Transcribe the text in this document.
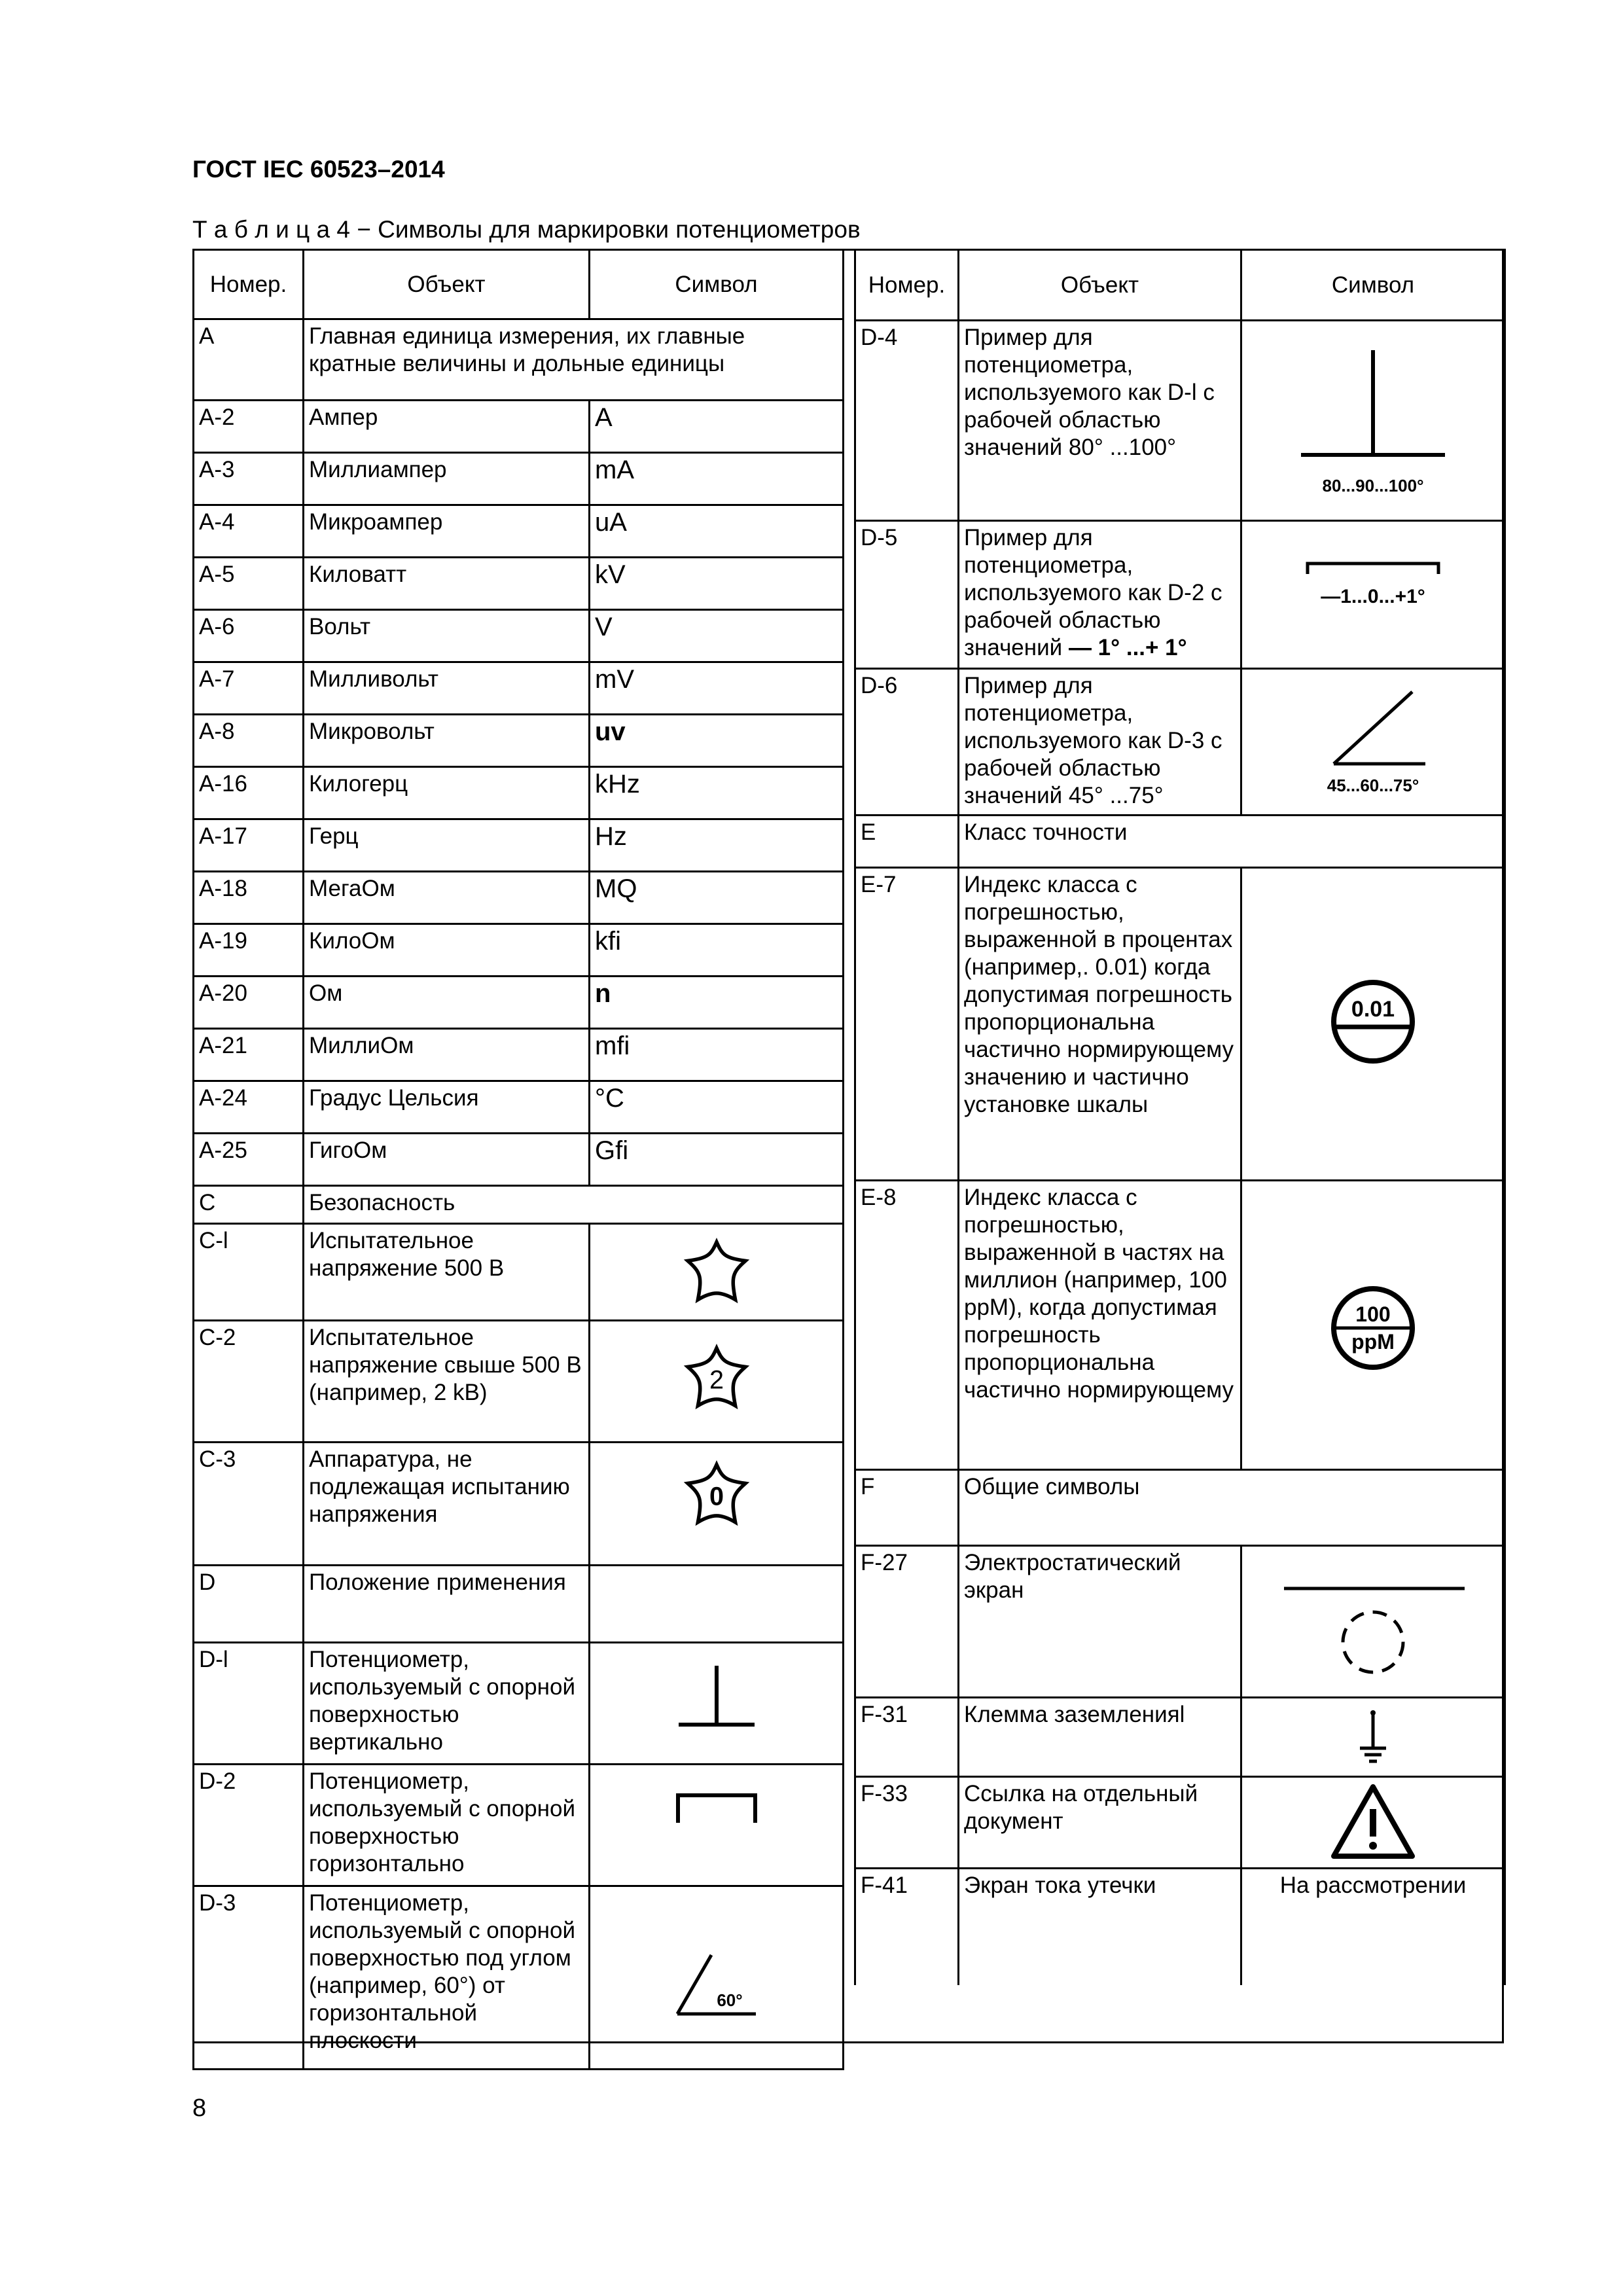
ГОСТ IEC 60523–2014
Т а б л и ц а 4 − Символы для маркировки потенциометров
Номер.	Объект	Символ
A	Главная единица измерения, их главные кратные величины и дольные единицы	
A-2	Ампер	A
A-3	Миллиампер	mA
A-4	Микроампер	uA
A-5	Киловатт	kV
A-6	Вольт	V
A-7	Милливольт	mV
A-8	Микровольт	uv
A-16	Килогерц	kHz
A-17	Герц	Hz
A-18	МегаОм	MQ
A-19	КилоОм	kfi
A-20	Ом	n
A-21	МиллиОм	mfi
A-24	Градус Цельсия	°C
A-25	ГигоОм	Gfi
C	Безопасность	
C-l	Испытательное напряжение 500 В	

C-2	Испытательное напряжение свыше 500 В (например, 2 kB)	2

C-3	Аппаратура, не подлежащая испытанию напряжения	0

D	Положение применения	
D-l	Потенциометр, используемый с опорной поверхностью вертикально	

D-2	Потенциометр, используемый с опорной поверхностью горизонтально	

D-3	Потенциометр, используемый с опорной поверхностью под углом (например, 60°) от горизонтальной плоскости	60°
Номер.	Объект	Символ
D-4	Пример для потенциометра, используемого как D-l с рабочей областью значений 80° ...100°	80...90...100°

D-5	Пример для потенциометра, используемого как D-2 с рабочей областью значений — 1° ...+ 1°	—1...0...+1°

D-6	Пример для потенциометра, используемого как D-3 с рабочей областью значений 45° ...75°	45...60...75°

E	Класс точности	
E-7	Индекс класса с погрешностью, выраженной в процентах (например,. 0.01) когда допустимая погрешность пропорциональна частично нормирующему значению и частично установке шкалы	0.01

E-8	Индекс класса с погрешностью, выраженной в частях на миллион (например, 100 ppM), когда допустимая погрешность пропорциональна частично нормирующему	100
ppM

F	Общие символы	
F-27	Электростатический экран	

F-31	Клемма заземленияl	

F-33	Ссылка на отдельный документ	

F-41	Экран тока утечки	На рассмотрении
8
